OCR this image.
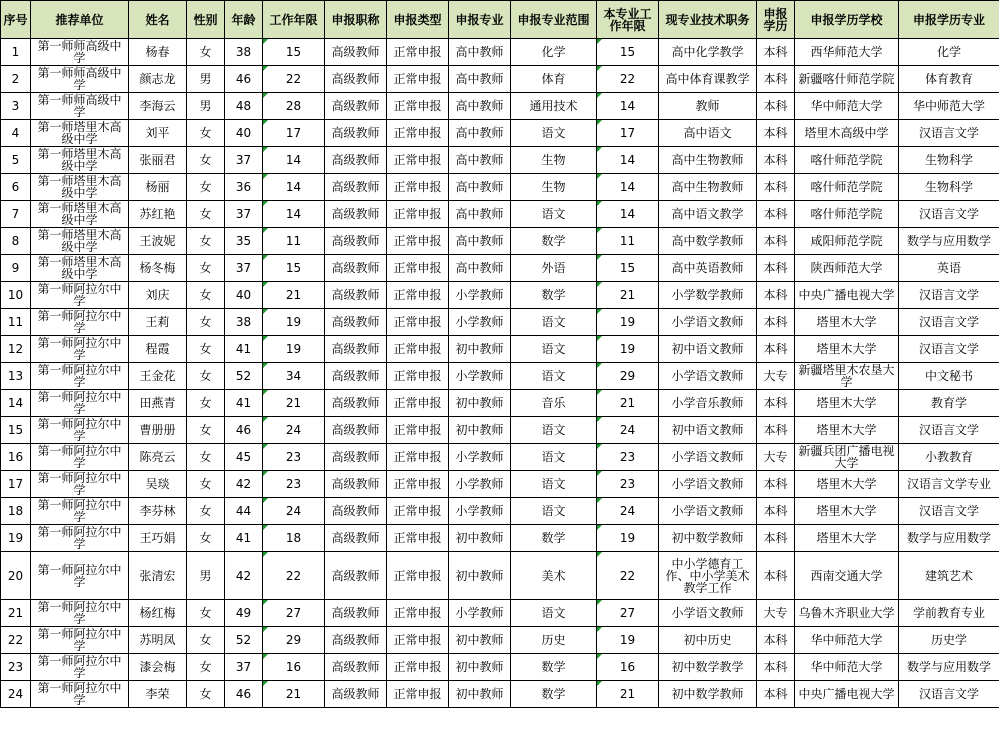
序号	推荐单位	姓名	性别	年龄	工作年限	申报职称	申报类型	申报专业	申报专业范围	本专业工作年限	现专业技术职务	申报学历	申报学历学校	申报学历专业
1	第一师师高级中学	杨春	女	38	15	高级教师	正常申报	高中教师	化学	15	高中化学教学	本科	西华师范大学	化学
2	第一师师高级中学	颜志龙	男	46	22	高级教师	正常申报	高中教师	体育	22	高中体育课教学	本科	新疆喀什师范学院	体育教育
3	第一师师高级中学	李海云	男	48	28	高级教师	正常申报	高中教师	通用技术	14	教师	本科	华中师范大学	华中师范大学
4	第一师塔里木高级中学	刘平	女	40	17	高级教师	正常申报	高中教师	语文	17	高中语文	本科	塔里木高级中学	汉语言文学
5	第一师塔里木高级中学	张丽君	女	37	14	高级教师	正常申报	高中教师	生物	14	高中生物教师	本科	喀什师范学院	生物科学
6	第一师塔里木高级中学	杨丽	女	36	14	高级教师	正常申报	高中教师	生物	14	高中生物教师	本科	喀什师范学院	生物科学
7	第一师塔里木高级中学	苏红艳	女	37	14	高级教师	正常申报	高中教师	语文	14	高中语文教学	本科	喀什师范学院	汉语言文学
8	第一师塔里木高级中学	王波妮	女	35	11	高级教师	正常申报	高中教师	数学	11	高中数学教师	本科	咸阳师范学院	数学与应用数学
9	第一师塔里木高级中学	杨冬梅	女	37	15	高级教师	正常申报	高中教师	外语	15	高中英语教师	本科	陕西师范大学	英语
10	第一师阿拉尔中学	刘庆	女	40	21	高级教师	正常申报	小学教师	数学	21	小学数学教师	本科	中央广播电视大学	汉语言文学
11	第一师阿拉尔中学	王莉	女	38	19	高级教师	正常申报	小学教师	语文	19	小学语文教师	本科	塔里木大学	汉语言文学
12	第一师阿拉尔中学	程霞	女	41	19	高级教师	正常申报	初中教师	语文	19	初中语文教师	本科	塔里木大学	汉语言文学
13	第一师阿拉尔中学	王金花	女	52	34	高级教师	正常申报	小学教师	语文	29	小学语文教师	大专	新疆塔里木农垦大学	中文秘书
14	第一师阿拉尔中学	田燕青	女	41	21	高级教师	正常申报	初中教师	音乐	21	小学音乐教师	本科	塔里木大学	教育学
15	第一师阿拉尔中学	曹册册	女	46	24	高级教师	正常申报	初中教师	语文	24	初中语文教师	本科	塔里木大学	汉语言文学
16	第一师阿拉尔中学	陈亮云	女	45	23	高级教师	正常申报	小学教师	语文	23	小学语文教师	大专	新疆兵团广播电视大学	小教教育
17	第一师阿拉尔中学	吴琰	女	42	23	高级教师	正常申报	小学教师	语文	23	小学语文教师	本科	塔里木大学	汉语言文学专业
18	第一师阿拉尔中学	李芬林	女	44	24	高级教师	正常申报	小学教师	语文	24	小学语文教师	本科	塔里木大学	汉语言文学
19	第一师阿拉尔中学	王巧娟	女	41	18	高级教师	正常申报	初中教师	数学	19	初中数学教师	本科	塔里木大学	数学与应用数学
20	第一师阿拉尔中学	张清宏	男	42	22	高级教师	正常申报	初中教师	美术	22	中小学德育工作、中小学美术教学工作	本科	西南交通大学	建筑艺术
21	第一师阿拉尔中学	杨红梅	女	49	27	高级教师	正常申报	小学教师	语文	27	小学语文教师	大专	乌鲁木齐职业大学	学前教育专业
22	第一师阿拉尔中学	苏明凤	女	52	29	高级教师	正常申报	初中教师	历史	19	初中历史	本科	华中师范大学	历史学
23	第一师阿拉尔中学	漆会梅	女	37	16	高级教师	正常申报	初中教师	数学	16	初中数学教学	本科	华中师范大学	数学与应用数学
24	第一师阿拉尔中学	李荣	女	46	21	高级教师	正常申报	初中教师	数学	21	初中数学教师	本科	中央广播电视大学	汉语言文学
